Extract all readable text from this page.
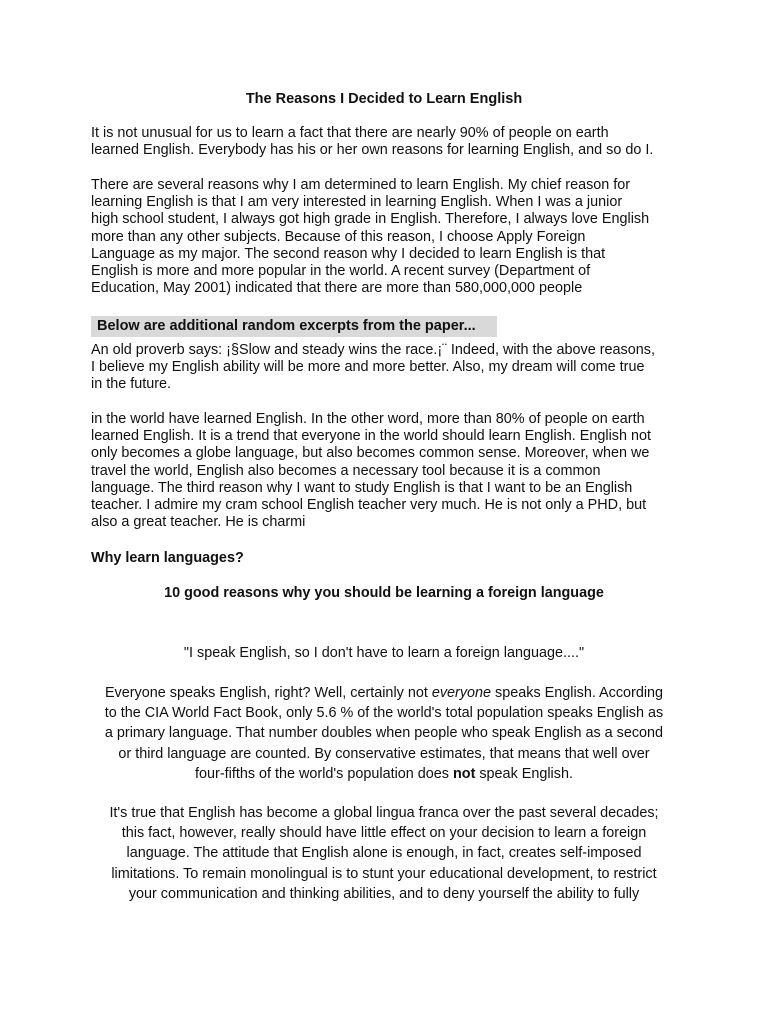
The Reasons I Decided to Learn English

It is not unusual for us to learn a fact that there are nearly 90% of people on earth
learned English. Everybody has his or her own reasons for learning English, and so do I.

There are several reasons why I am determined to learn English. My chief reason for
learning English is that I am very interested in learning English. When I was a junior
high school student, I always got high grade in English. Therefore, I always love English
more than any other subjects. Because of this reason, I choose Apply Foreign
Language as my major. The second reason why I decided to learn English is that
English is more and more popular in the world. A recent survey (Department of
Education, May 2001) indicated that there are more than 580,000,000 people

Below are additional random excerpts from the paper...

An old proverb says: ¡§Slow and steady wins the race.¡¨ Indeed, with the above reasons,
I believe my English ability will be more and more better. Also, my dream will come true
in the future.

in the world have learned English. In the other word, more than 80% of people on earth
learned English. It is a trend that everyone in the world should learn English. English not
only becomes a globe language, but also becomes common sense. Moreover, when we
travel the world, English also becomes a necessary tool because it is a common
language. The third reason why I want to study English is that I want to be an English
teacher. I admire my cram school English teacher very much. He is not only a PHD, but
also a great teacher. He is charmi

Why learn languages?
10 good reasons why you should be learning a foreign language
"I speak English, so I don't have to learn a foreign language...."

Everyone speaks English, right? Well, certainly not everyone speaks English. According
to the CIA World Fact Book, only 5.6 % of the world's total population speaks English as
a primary language. That number doubles when people who speak English as a second
or third language are counted. By conservative estimates, that means that well over
four-fifths of the world's population does not speak English.

It's true that English has become a global lingua franca over the past several decades;
this fact, however, really should have little effect on your decision to learn a foreign
language. The attitude that English alone is enough, in fact, creates self-imposed
limitations. To remain monolingual is to stunt your educational development, to restrict
your communication and thinking abilities, and to deny yourself the ability to fully
